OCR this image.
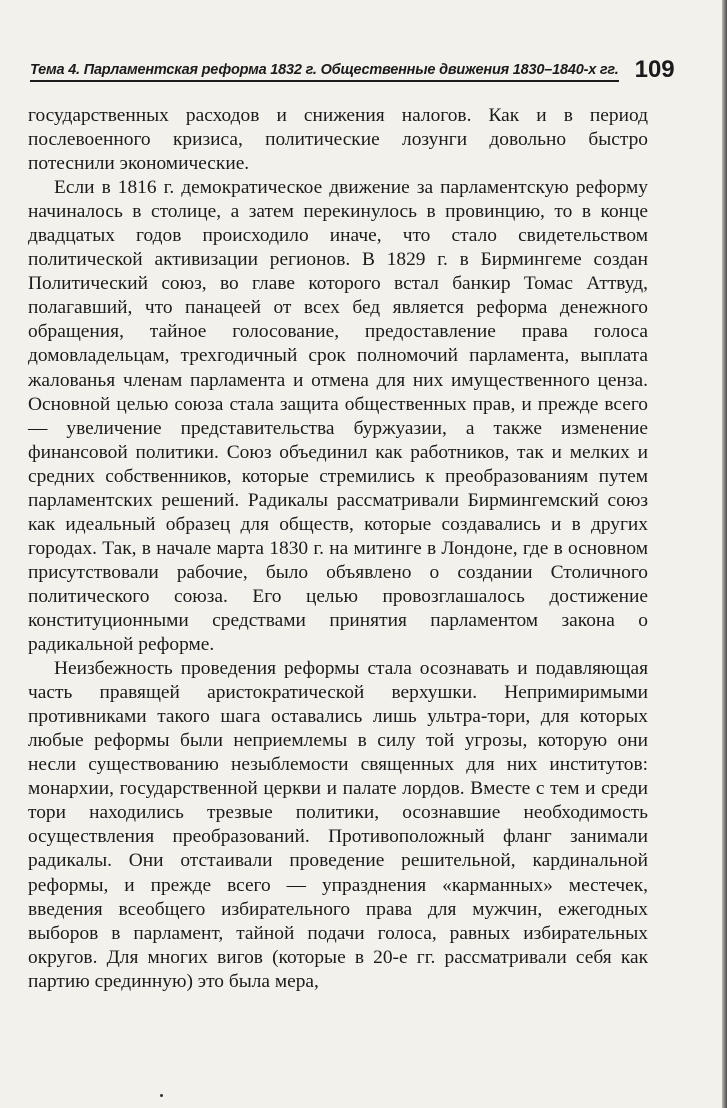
Тема 4. Парламентская реформа 1832 г. Общественные движения 1830–1840-х гг. 109

государственных расходов и снижения налогов. Как и в период послевоенного кризиса, политические лозунги довольно быстро потеснили экономические.

Если в 1816 г. демократическое движение за парламентскую реформу начиналось в столице, а затем перекинулось в провинцию, то в конце двадцатых годов происходило иначе, что стало свидетельством политической активизации регионов. В 1829 г. в Бирмингеме создан Политический союз, во главе которого встал банкир Томас Аттвуд, полагавший, что панацеей от всех бед является реформа денежного обращения, тайное голосование, предоставление права голоса домовладельцам, трехгодичный срок полномочий парламента, выплата жалованья членам парламента и отмена для них имущественного ценза. Основной целью союза стала защита общественных прав, и прежде всего — увеличение представительства буржуазии, а также изменение финансовой политики. Союз объединил как работников, так и мелких и средних собственников, которые стремились к преобразованиям путем парламентских решений. Радикалы рассматривали Бирмингемский союз как идеальный образец для обществ, которые создавались и в других городах. Так, в начале марта 1830 г. на митинге в Лондоне, где в основном присутствовали рабочие, было объявлено о создании Столичного политического союза. Его целью провозглашалось достижение конституционными средствами принятия парламентом закона о радикальной реформе.

Неизбежность проведения реформы стала осознавать и подавляющая часть правящей аристократической верхушки. Непримиримыми противниками такого шага оставались лишь ультра-тори, для которых любые реформы были неприемлемы в силу той угрозы, которую они несли существованию незыблемости священных для них институтов: монархии, государственной церкви и палате лордов. Вместе с тем и среди тори находились трезвые политики, осознавшие необходимость осуществления преобразований. Противоположный фланг занимали радикалы. Они отстаивали проведение решительной, кардинальной реформы, и прежде всего — упразднения «карманных» местечек, введения всеобщего избирательного права для мужчин, ежегодных выборов в парламент, тайной подачи голоса, равных избирательных округов. Для многих вигов (которые в 20-е гг. рассматривали себя как партию срединную) это была мера,
